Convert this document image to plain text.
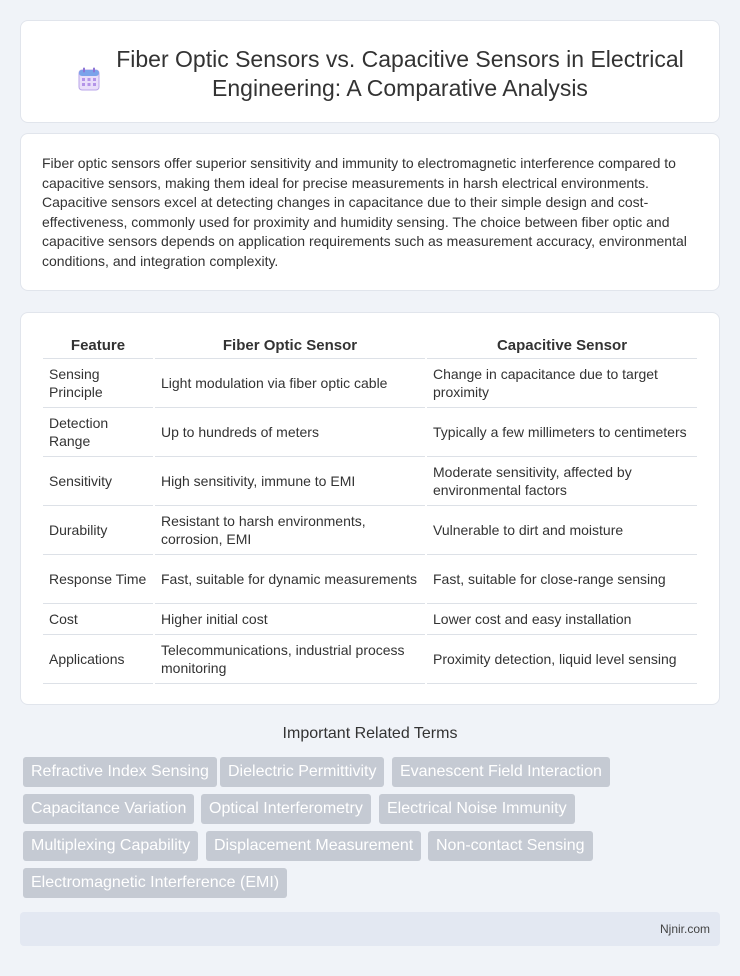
Fiber Optic Sensors vs. Capacitive Sensors in Electrical Engineering: A Comparative Analysis

Fiber optic sensors offer superior sensitivity and immunity to electromagnetic interference compared to capacitive sensors, making them ideal for precise measurements in harsh electrical environments. Capacitive sensors excel at detecting changes in capacitance due to their simple design and cost-effectiveness, commonly used for proximity and humidity sensing. The choice between fiber optic and capacitive sensors depends on application requirements such as measurement accuracy, environmental conditions, and integration complexity.

Feature	Fiber Optic Sensor	Capacitive Sensor
Sensing Principle	Light modulation via fiber optic cable	Change in capacitance due to target proximity
Detection Range	Up to hundreds of meters	Typically a few millimeters to centimeters
Sensitivity	High sensitivity, immune to EMI	Moderate sensitivity, affected by environmental factors
Durability	Resistant to harsh environments, corrosion, EMI	Vulnerable to dirt and moisture
Response Time	Fast, suitable for dynamic measurements	Fast, suitable for close-range sensing
Cost	Higher initial cost	Lower cost and easy installation
Applications	Telecommunications, industrial process monitoring	Proximity detection, liquid level sensing
Important Related Terms
Refractive Index Sensing	Dielectric Permittivity	Evanescent Field Interaction
Capacitance Variation	Optical Interferometry	Electrical Noise Immunity
Multiplexing Capability	Displacement Measurement	Non-contact Sensing
Electromagnetic Interference (EMI)
Njnir.com
